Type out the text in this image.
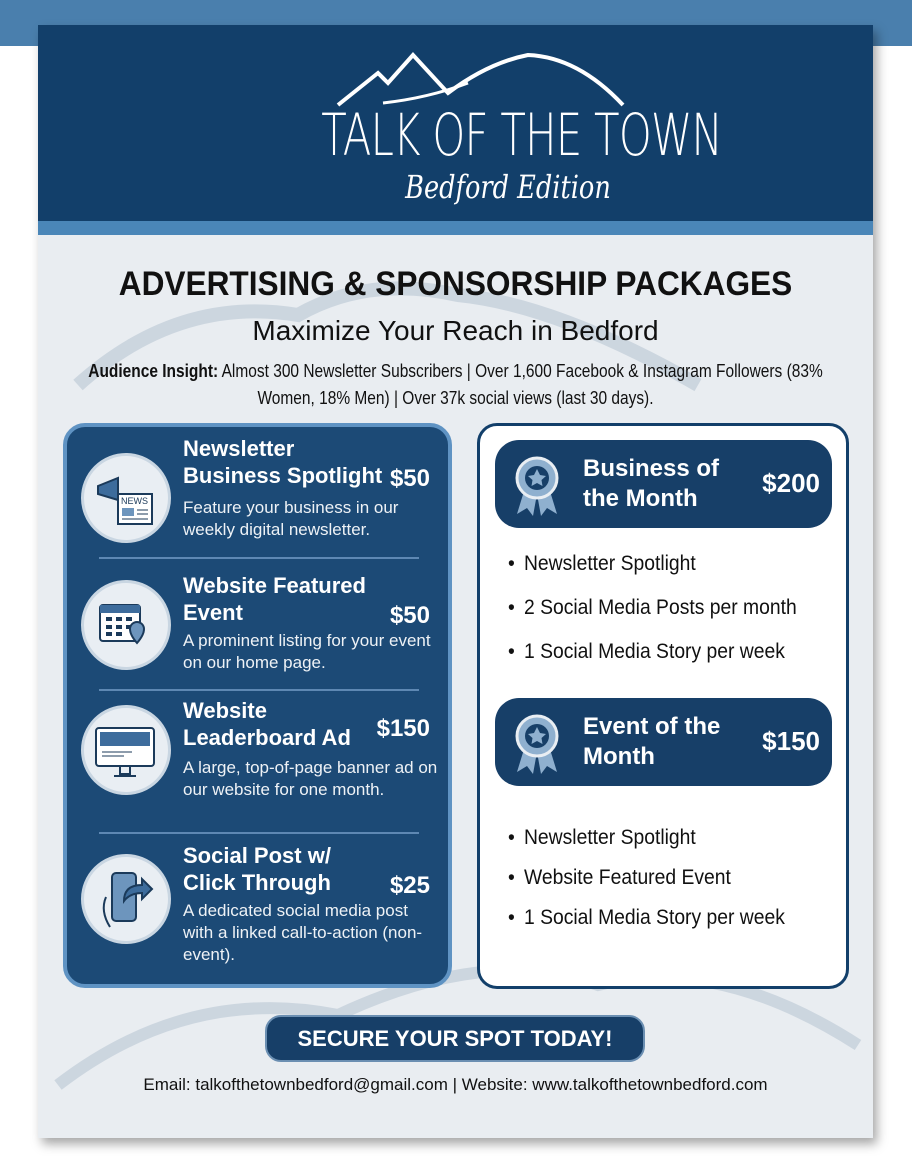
TALK OF THE TOWN
Bedford Edition
ADVERTISING & SPONSORSHIP PACKAGES
Maximize Your Reach in Bedford
Audience Insight: Almost 300 Newsletter Subscribers | Over 1,600 Facebook & Instagram Followers (83% Women, 18% Men) | Over 37k social views (last 30 days).
NEWS
Newsletter Business Spotlight $50
Feature your business in our weekly digital newsletter.
Website Featured Event	$50
A prominent listing for your event on our home page.
Website Leaderboard Ad	$150
A large, top-of-page banner ad on our website for one month.
Social Post w/ Click Through	$25
A dedicated social media post with a linked call-to-action (non-event).
Business of the Month
$200
• Newsletter Spotlight
• 2 Social Media Posts per month
• 1 Social Media Story per week
Event of the Month
$150
• Newsletter Spotlight
• Website Featured Event
• 1 Social Media Story per week
SECURE YOUR SPOT TODAY!
Email: talkofthetownbedford@gmail.com | Website: www.talkofthetownbedford.com
